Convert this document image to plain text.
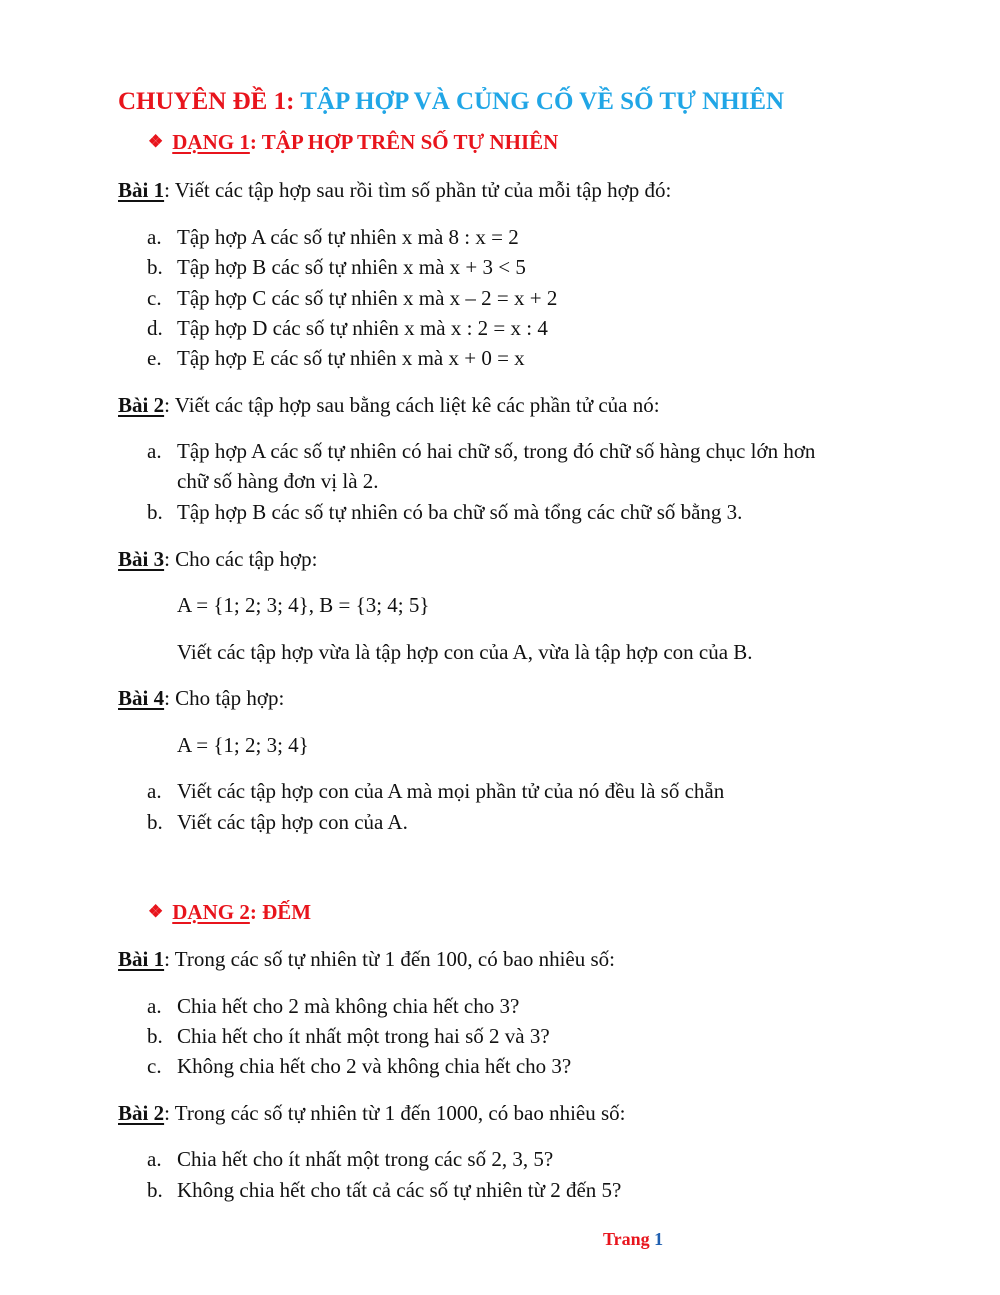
CHUYÊN ĐỀ 1: TẬP HỢP VÀ CỦNG CỐ VỀ SỐ TỰ NHIÊN
❖ DẠNG 1: TẬP HỢP TRÊN SỐ TỰ NHIÊN
Bài 1: Viết các tập hợp sau rồi tìm số phần tử của mỗi tập hợp đó:
a. Tập hợp A các số tự nhiên x mà 8 : x = 2
b. Tập hợp B các số tự nhiên x mà x + 3 < 5
c. Tập hợp C các số tự nhiên x mà x – 2 = x + 2
d. Tập hợp D các số tự nhiên x mà x : 2 = x : 4
e. Tập hợp E các số tự nhiên x mà x + 0 = x
Bài 2: Viết các tập hợp sau bằng cách liệt kê các phần tử của nó:
a. Tập hợp A các số tự nhiên có hai chữ số, trong đó chữ số hàng chục lớn hơn
chữ số hàng đơn vị là 2.
b. Tập hợp B các số tự nhiên có ba chữ số mà tổng các chữ số bằng 3.
Bài 3: Cho các tập hợp:
A = {1; 2; 3; 4}, B = {3; 4; 5}
Viết các tập hợp vừa là tập hợp con của A, vừa là tập hợp con của B.
Bài 4: Cho tập hợp:
A = {1; 2; 3; 4}
a. Viết các tập hợp con của A mà mọi phần tử của nó đều là số chẵn
b. Viết các tập hợp con của A.
❖ DẠNG 2: ĐẾM
Bài 1: Trong các số tự nhiên từ 1 đến 100, có bao nhiêu số:
a. Chia hết cho 2 mà không chia hết cho 3?
b. Chia hết cho ít nhất một trong hai số 2 và 3?
c. Không chia hết cho 2 và không chia hết cho 3?
Bài 2: Trong các số tự nhiên từ 1 đến 1000, có bao nhiêu số:
a. Chia hết cho ít nhất một trong các số 2, 3, 5?
b. Không chia hết cho tất cả các số tự nhiên từ 2 đến 5?
Trang 1
